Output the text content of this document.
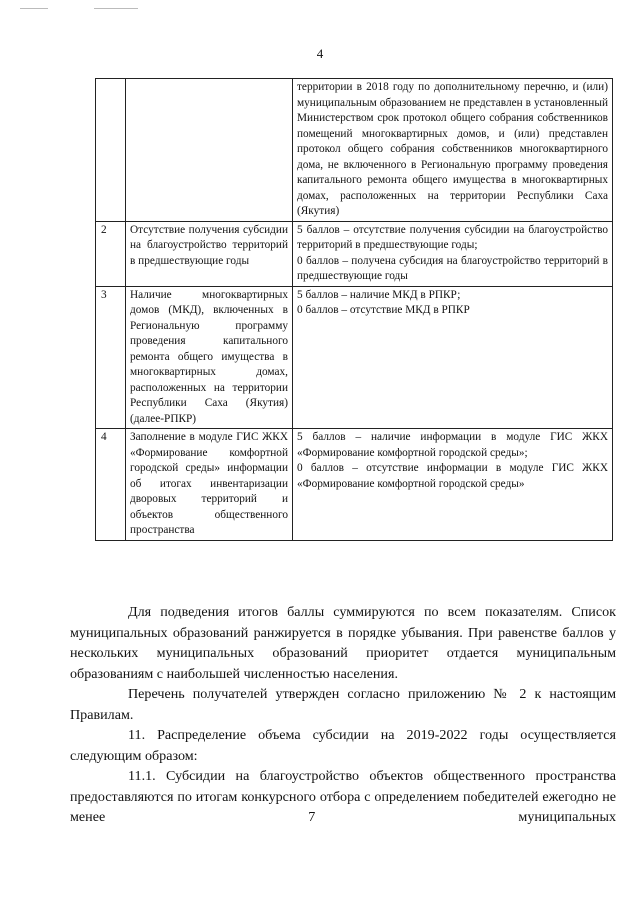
4
		территории в 2018 году по дополнительному перечню, и (или) муниципальным образованием не представлен в установленный Министерством срок протокол общего собрания собственников помещений многоквартирных домов, и (или) представлен протокол общего собрания собственников многоквартирного дома, не включенного в Региональную программу проведения капитального ремонта общего имущества в многоквартирных домах, расположенных на территории Республики Саха (Якутия)
2	Отсутствие получения субсидии на благоустройство территорий в предшествующие годы	5 баллов – отсутствие получения субсидии на благоустройство территорий в предшествующие годы;
0 баллов – получена субсидия на благоустройство территорий в предшествующие годы
3	Наличие многоквартирных домов (МКД), включенных в Региональную программу проведения капитального ремонта общего имущества в многоквартирных домах, расположенных на территории Республики Саха (Якутия) (далее-РПКР)	5 баллов – наличие МКД в РПКР;
0 баллов – отсутствие МКД в РПКР
4	Заполнение в модуле ГИС ЖКХ «Формирование комфортной городской среды» информации об итогах инвентаризации дворовых территорий и объектов общественного пространства	5 баллов – наличие информации в модуле ГИС ЖКХ «Формирование комфортной городской среды»;
0 баллов – отсутствие информации в модуле ГИС ЖКХ «Формирование комфортной городской среды»

Для подведения итогов баллы суммируются по всем показателям. Список муниципальных образований ранжируется в порядке убывания. При равенстве баллов у нескольких муниципальных образований приоритет отдается муниципальным образованиям с наибольшей численностью населения.

Перечень получателей утвержден согласно приложению № 2 к настоящим Правилам.

11. Распределение объема субсидии на 2019-2022 годы осуществляется следующим образом:

11.1. Субсидии на благоустройство объектов общественного пространства предоставляются по итогам конкурсного отбора с определением победителей ежегодно не менее 7 муниципальных
